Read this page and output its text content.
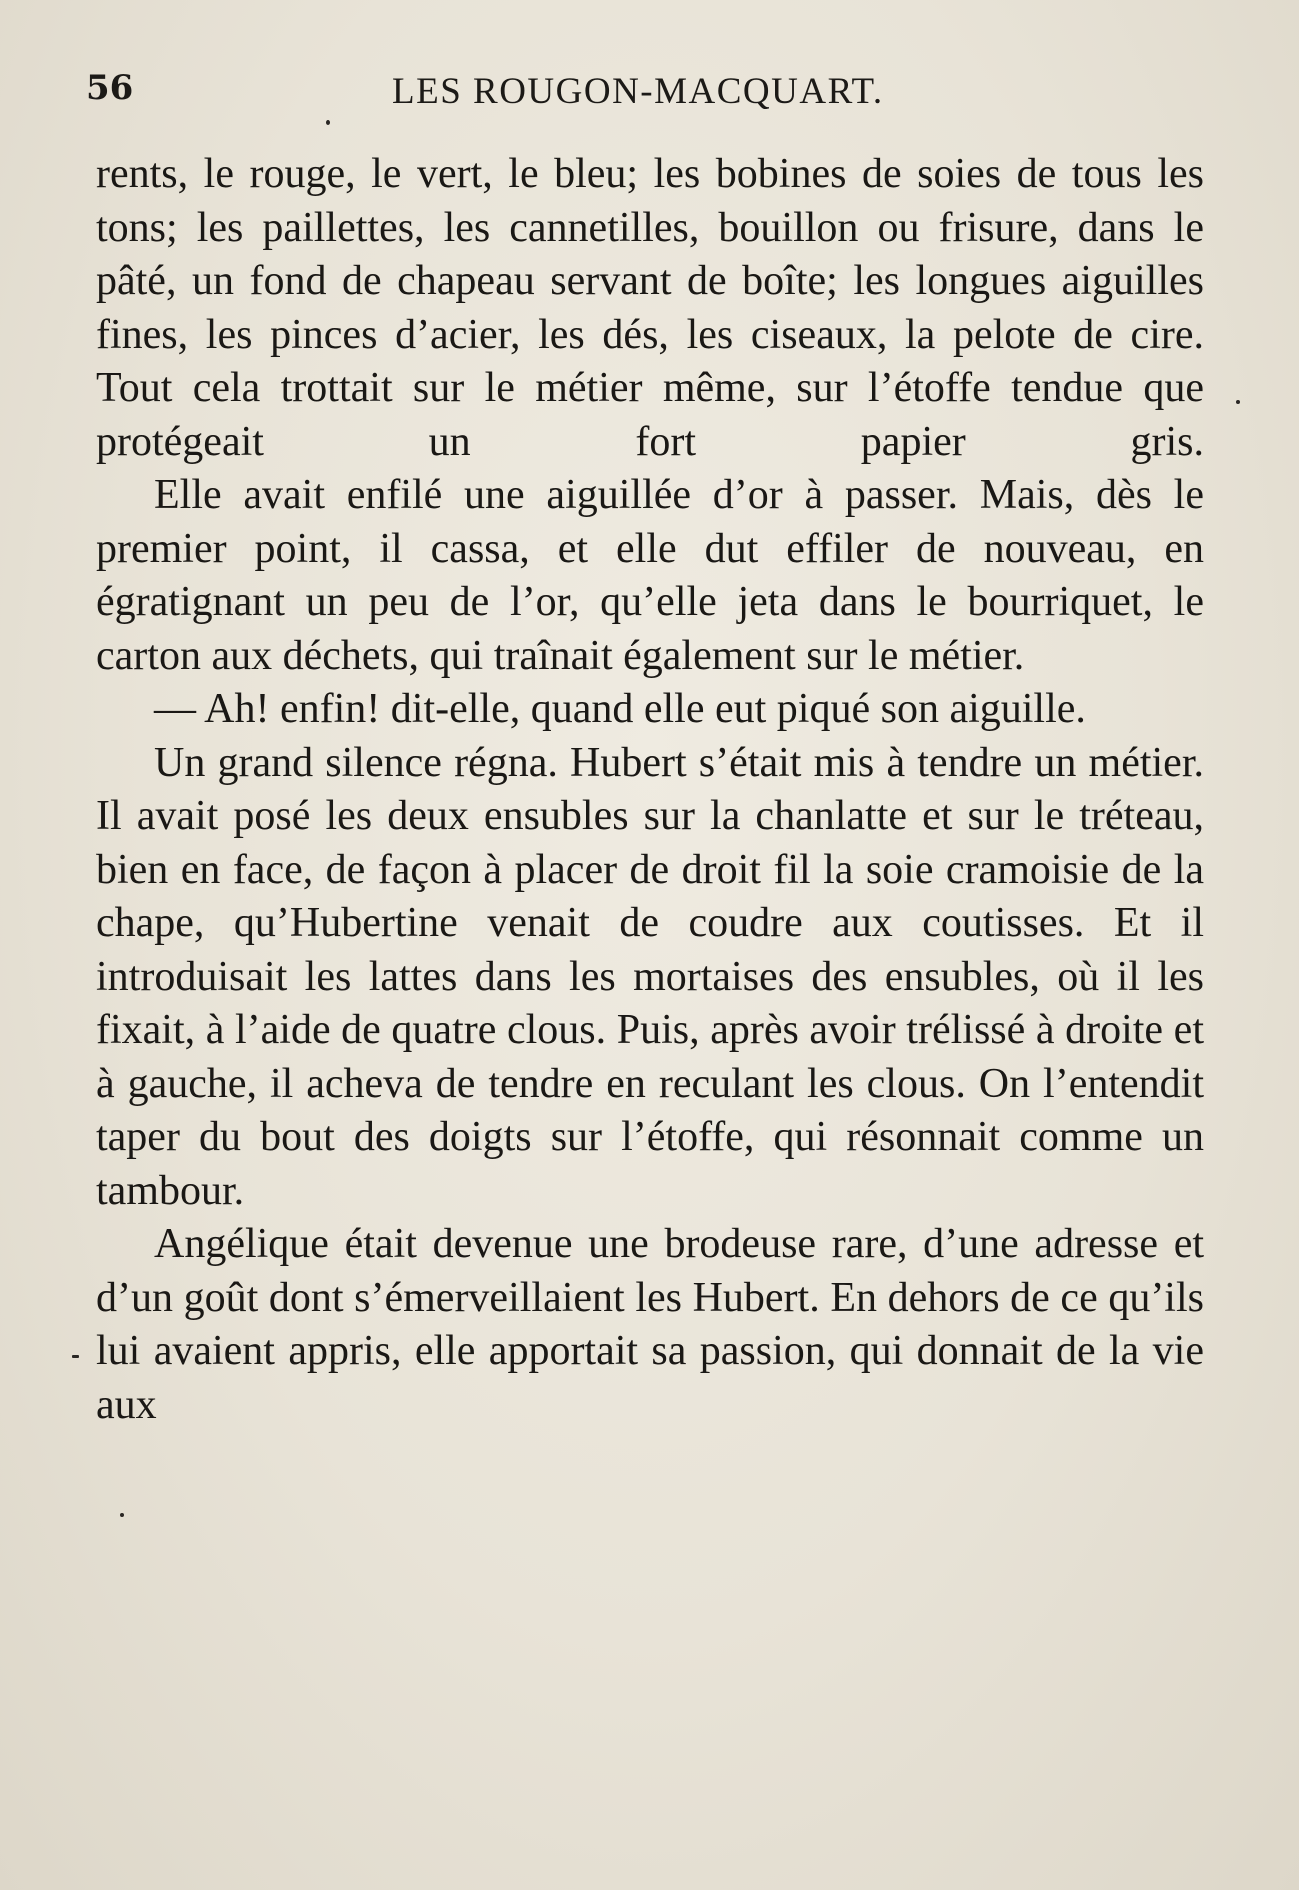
56	LES ROUGON-MACQUART.

rents, le rouge, le vert, le bleu; les bobines de soies de tous les tons; les paillettes, les cannetilles, bouillon ou frisure, dans le pâté, un fond de chapeau servant de boîte; les longues aiguilles fines, les pinces d’acier, les dés, les ciseaux, la pelote de cire. Tout cela trottait sur le métier même, sur l’étoffe tendue que protégeait un fort papier gris.

Elle avait enfilé une aiguillée d’or à passer. Mais, dès le premier point, il cassa, et elle dut effiler de nouveau, en égratignant un peu de l’or, qu’elle jeta dans le bourriquet, le carton aux déchets, qui traînait également sur le métier.

— Ah! enfin! dit-elle, quand elle eut piqué son aiguille.

Un grand silence régna. Hubert s’était mis à tendre un métier. Il avait posé les deux ensubles sur la chanlatte et sur le tréteau, bien en face, de façon à placer de droit fil la soie cramoisie de la chape, qu’Hubertine venait de coudre aux coutisses. Et il introduisait les lattes dans les mortaises des ensubles, où il les fixait, à l’aide de quatre clous. Puis, après avoir trélissé à droite et à gauche, il acheva de tendre en reculant les clous. On l’entendit taper du bout des doigts sur l’étoffe, qui résonnait comme un tambour.

Angélique était devenue une brodeuse rare, d’une adresse et d’un goût dont s’émerveillaient les Hubert. En dehors de ce qu’ils lui avaient appris, elle apportait sa passion, qui donnait de la vie aux
